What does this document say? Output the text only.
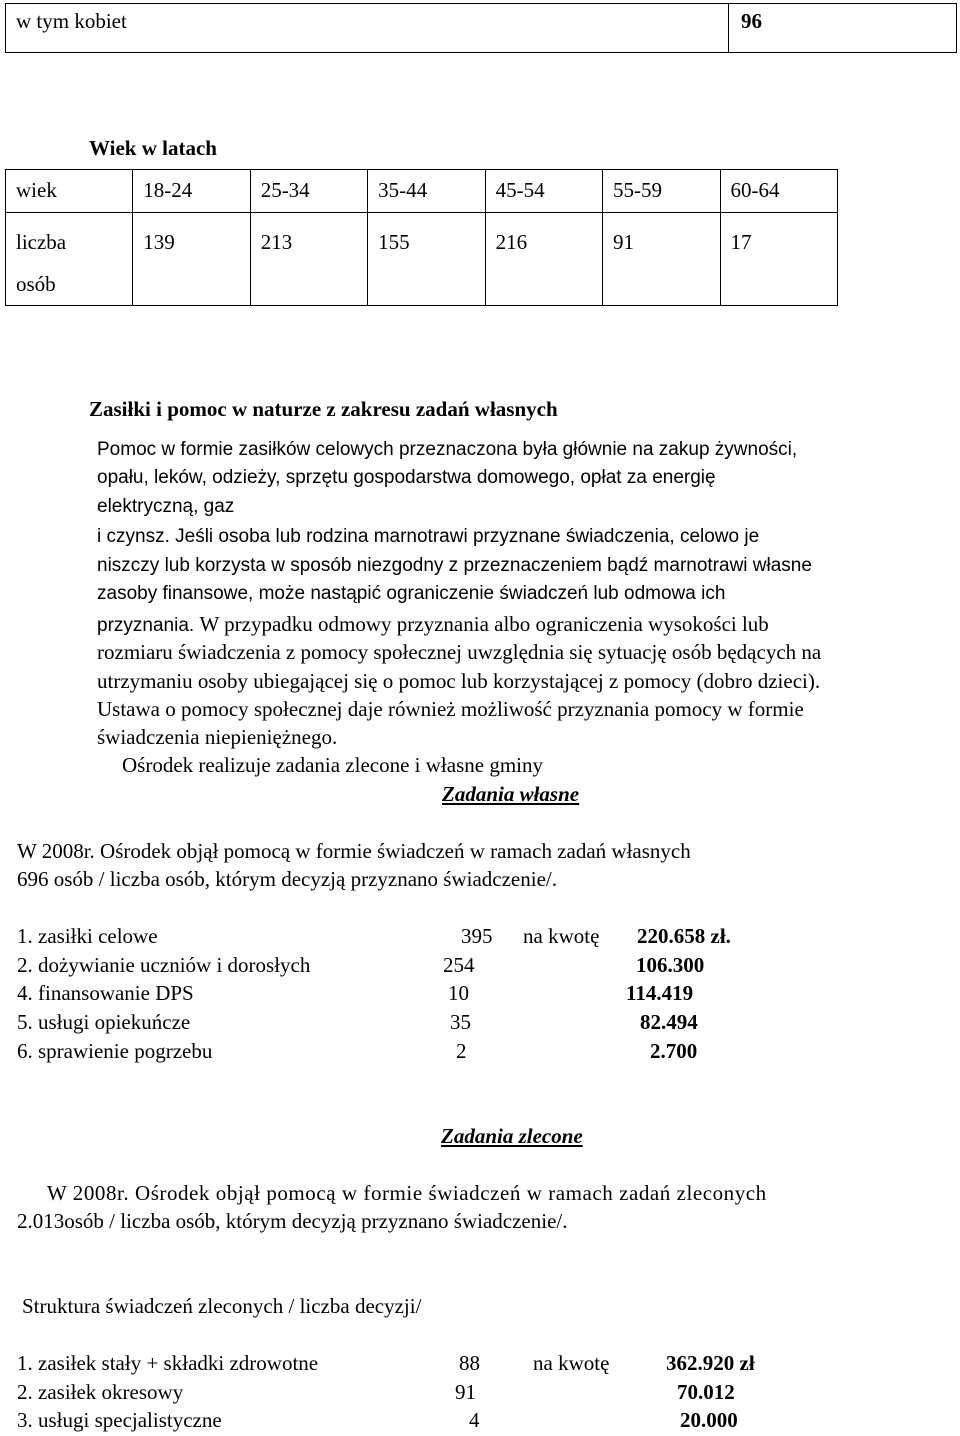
w tym kobiet	96
Wiek w latach
wiek	18-24	25-34	35-44	45-54	55-59	60-64
liczba
osób	139	213	155	216	91	17
Zasiłki i pomoc w naturze z zakresu zadań własnych
Pomoc w formie zasiłków celowych przeznaczona była głównie na zakup żywności,
opału, leków, odzieży, sprzętu gospodarstwa domowego, opłat za energię
elektryczną, gaz
i czynsz. Jeśli osoba lub rodzina marnotrawi przyznane świadczenia, celowo je
niszczy lub korzysta w sposób niezgodny z przeznaczeniem bądź marnotrawi własne
zasoby finansowe, może nastąpić ograniczenie świadczeń lub odmowa ich
przyznania. W przypadku odmowy przyznania albo ograniczenia wysokości lub
rozmiaru świadczenia z pomocy społecznej uwzględnia się sytuację osób będących na
utrzymaniu osoby ubiegającej się o pomoc lub korzystającej z pomocy (dobro dzieci).
Ustawa o pomocy społecznej daje również możliwość przyznania pomocy w formie
świadczenia niepieniężnego.
Ośrodek realizuje zadania zlecone i własne gminy
Zadania własne
W 2008r. Ośrodek objął pomocą w formie świadczeń w ramach zadań własnych
696 osób / liczba osób, którym decyzją przyznano świadczenie/.
1. zasiłki celowe	395 na kwotę 220.658 zł.
2. dożywianie uczniów i dorosłych	254	106.300
4. finansowanie DPS	10	114.419
5. usługi opiekuńcze	35	82.494
6. sprawienie pogrzebu	2	2.700
Zadania zlecone
W 2008r. Ośrodek objął pomocą w formie świadczeń w ramach zadań zleconych
2.013osób / liczba osób, którym decyzją przyznano świadczenie/.
Struktura świadczeń zleconych / liczba decyzji/
1. zasiłek stały + składki zdrowotne	88	na kwotę	362.920 zł
2. zasiłek okresowy	91	70.012
3. usługi specjalistyczne	4	20.000
